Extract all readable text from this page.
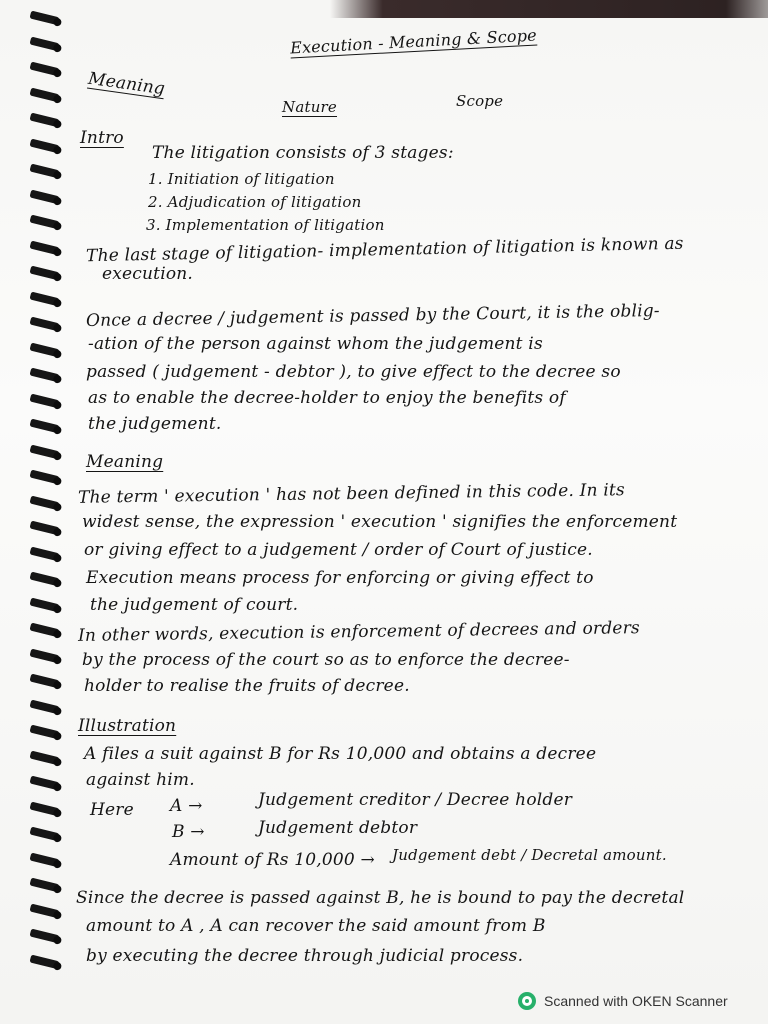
Execution - Meaning & Scope
Meaning
Nature	Scope
Intro
The litigation consists of 3 stages:
1. Initiation of litigation
2. Adjudication of litigation
3. Implementation of litigation
The last stage of litigation- implementation of litigation is known as
execution.
Once a decree / judgement is passed by the Court, it is the oblig-
-ation of the person against whom the judgement is
passed ( judgement - debtor ), to give effect to the decree so
as to enable the decree-holder to enjoy the benefits of
the judgement.
Meaning
The term ' execution ' has not been defined in this code. In its
widest sense, the expression ' execution ' signifies the enforcement
or giving effect to a judgement / order of Court of justice.
Execution means process for enforcing or giving effect to
the judgement of court.
In other words, execution is enforcement of decrees and orders
by the process of the court so as to enforce the decree-
holder to realise the fruits of decree.
Illustration
A files a suit against B for Rs 10,000 and obtains a decree
against him.
Here A →	Judgement creditor / Decree holder
B →	Judgement debtor
Amount of Rs 10,000 → Judgement debt / Decretal amount.
Since the decree is passed against B, he is bound to pay the decretal
amount to A , A can recover the said amount from B
by executing the decree through judicial process.
Scanned with OKEN Scanner
